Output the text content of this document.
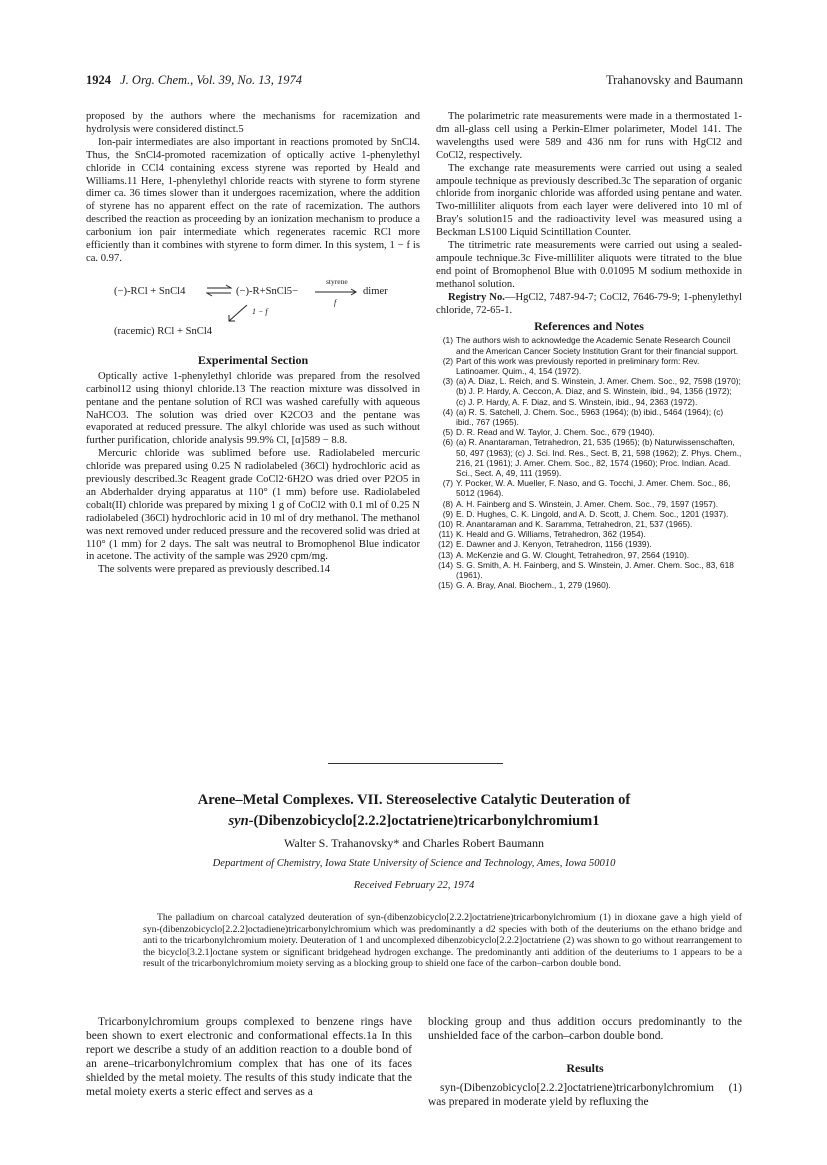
1924 J. Org. Chem., Vol. 39, No. 13, 1974	Trahanovsky and Baumann

proposed by the authors where the mechanisms for racemization and hydrolysis were considered distinct.5

Ion-pair intermediates are also important in reactions promoted by SnCl4. Thus, the SnCl4-promoted racemization of optically active 1-phenylethyl chloride in CCl4 containing excess styrene was reported by Heald and Williams.11 Here, 1-phenylethyl chloride reacts with styrene to form styrene dimer ca. 36 times slower than it undergoes racemization, where the addition of styrene has no apparent effect on the rate of racemization. The authors described the reaction as proceeding by an ionization mechanism to produce a carbonium ion pair intermediate which regenerates racemic RCl more efficiently than it combines with styrene to form dimer. In this system, 1 − f is ca. 0.97.

(−)-RCl + SnCl4 ⇌ (−)-R+SnCl5−
styrene
f
dimer
1 − f
(racemic) RCl + SnCl4
Experimental Section

Optically active 1-phenylethyl chloride was prepared from the resolved carbinol12 using thionyl chloride.13 The reaction mixture was dissolved in pentane and the pentane solution of RCl was washed carefully with aqueous NaHCO3. The solution was dried over K2CO3 and the pentane was evaporated at reduced pressure. The alkyl chloride was used as such without further purification, chloride analysis 99.9% Cl, [α]589 − 8.8.

Mercuric chloride was sublimed before use. Radiolabeled mercuric chloride was prepared using 0.25 N radiolabeled (36Cl) hydrochloric acid as previously described.3c Reagent grade CoCl2·6H2O was dried over P2O5 in an Abderhalder drying apparatus at 110° (1 mm) before use. Radiolabeled cobalt(II) chloride was prepared by mixing 1 g of CoCl2 with 0.1 ml of 0.25 N radiolabeled (36Cl) hydrochloric acid in 10 ml of dry methanol. The methanol was next removed under reduced pressure and the recovered solid was dried at 110° (1 mm) for 2 days. The salt was neutral to Bromophenol Blue indicator in acetone. The activity of the sample was 2920 cpm/mg.

The solvents were prepared as previously described.14

The polarimetric rate measurements were made in a thermostated 1-dm all-glass cell using a Perkin-Elmer polarimeter, Model 141. The wavelengths used were 589 and 436 nm for runs with HgCl2 and CoCl2, respectively.

The exchange rate measurements were carried out using a sealed ampoule technique as previously described.3c The separation of organic chloride from inorganic chloride was afforded using pentane and water. Two-milliliter aliquots from each layer were delivered into 10 ml of Bray's solution15 and the radioactivity level was measured using a Beckman LS100 Liquid Scintillation Counter.

The titrimetric rate measurements were carried out using a sealed-ampoule technique.3c Five-milliliter aliquots were titrated to the blue end point of Bromophenol Blue with 0.01095 M sodium methoxide in methanol solution.

Registry No.—HgCl2, 7487-94-7; CoCl2, 7646-79-9; 1-phenylethyl chloride, 72-65-1.

References and Notes
(1) The authors wish to acknowledge the Academic Senate Research Council and the American Cancer Society Institution Grant for their financial support.
(2) Part of this work was previously reported in preliminary form: Rev. Latinoamer. Quim., 4, 154 (1972).
(3) (a) A. Diaz, L. Reich, and S. Winstein, J. Amer. Chem. Soc., 92, 7598 (1970); (b) J. P. Hardy, A. Ceccon, A. Diaz, and S. Winstein, ibid., 94, 1356 (1972); (c) J. P. Hardy, A. F. Diaz, and S. Winstein, ibid., 94, 2363 (1972).
(4) (a) R. S. Satchell, J. Chem. Soc., 5963 (1964); (b) ibid., 5464 (1964); (c) ibid., 767 (1965).
(5) D. R. Read and W. Taylor, J. Chem. Soc., 679 (1940).
(6) (a) R. Anantaraman, Tetrahedron, 21, 535 (1965); (b) Naturwissenschaften, 50, 497 (1963); (c) J. Sci. Ind. Res., Sect. B, 21, 598 (1962); Z. Phys. Chem., 216, 21 (1961); J. Amer. Chem. Soc., 82, 1574 (1960); Proc. Indian. Acad. Sci., Sect. A, 49, 111 (1959).
(7) Y. Pocker, W. A. Mueller, F. Naso, and G. Tocchi, J. Amer. Chem. Soc., 86, 5012 (1964).
(8) A. H. Fainberg and S. Winstein, J. Amer. Chem. Soc., 79, 1597 (1957).
(9) E. D. Hughes, C. K. Lingold, and A. D. Scott, J. Chem. Soc., 1201 (1937).
(10) R. Anantaraman and K. Saramma, Tetrahedron, 21, 537 (1965).
(11) K. Heald and G. Williams, Tetrahedron, 362 (1954).
(12) E. Dawner and J. Kenyon, Tetrahedron, 1156 (1939).
(13) A. McKenzie and G. W. Clought, Tetrahedron, 97, 2564 (1910).
(14) S. G. Smith, A. H. Fainberg, and S. Winstein, J. Amer. Chem. Soc., 83, 618 (1961).
(15) G. A. Bray, Anal. Biochem., 1, 279 (1960).
Arene–Metal Complexes. VII. Stereoselective Catalytic Deuteration of
syn-(Dibenzobicyclo[2.2.2]octatriene)tricarbonylchromium1
Walter S. Trahanovsky* and Charles Robert Baumann
Department of Chemistry, Iowa State University of Science and Technology, Ames, Iowa 50010
Received February 22, 1974
The palladium on charcoal catalyzed deuteration of syn-(dibenzobicyclo[2.2.2]octatriene)tricarbonylchromium (1) in dioxane gave a high yield of syn-(dibenzobicyclo[2.2.2]octadiene)tricarbonylchromium which was predominantly a d2 species with both of the deuteriums on the ethano bridge and anti to the tricarbonylchromium moiety. Deuteration of 1 and uncomplexed dibenzobicyclo[2.2.2]octatriene (2) was shown to go without rearrangement to the bicyclo[3.2.1]octane system or significant bridgehead hydrogen exchange. The predominantly anti addition of the deuteriums to 1 appears to be a result of the tricarbonylchromium moiety serving as a blocking group to shield one face of the carbon–carbon double bond.
Tricarbonylchromium groups complexed to benzene rings have been shown to exert electronic and conformational effects.1a In this report we describe a study of an addition reaction to a double bond of an arene–tricarbonylchromium complex that has one of its faces shielded by the metal moiety. The results of this study indicate that the metal moiety exerts a steric effect and serves as a

blocking group and thus addition occurs predominantly to the unshielded face of the carbon–carbon double bond.

Results

syn-(Dibenzobicyclo[2.2.2]octatriene)tricarbonylchromium (1) was prepared in moderate yield by refluxing the
